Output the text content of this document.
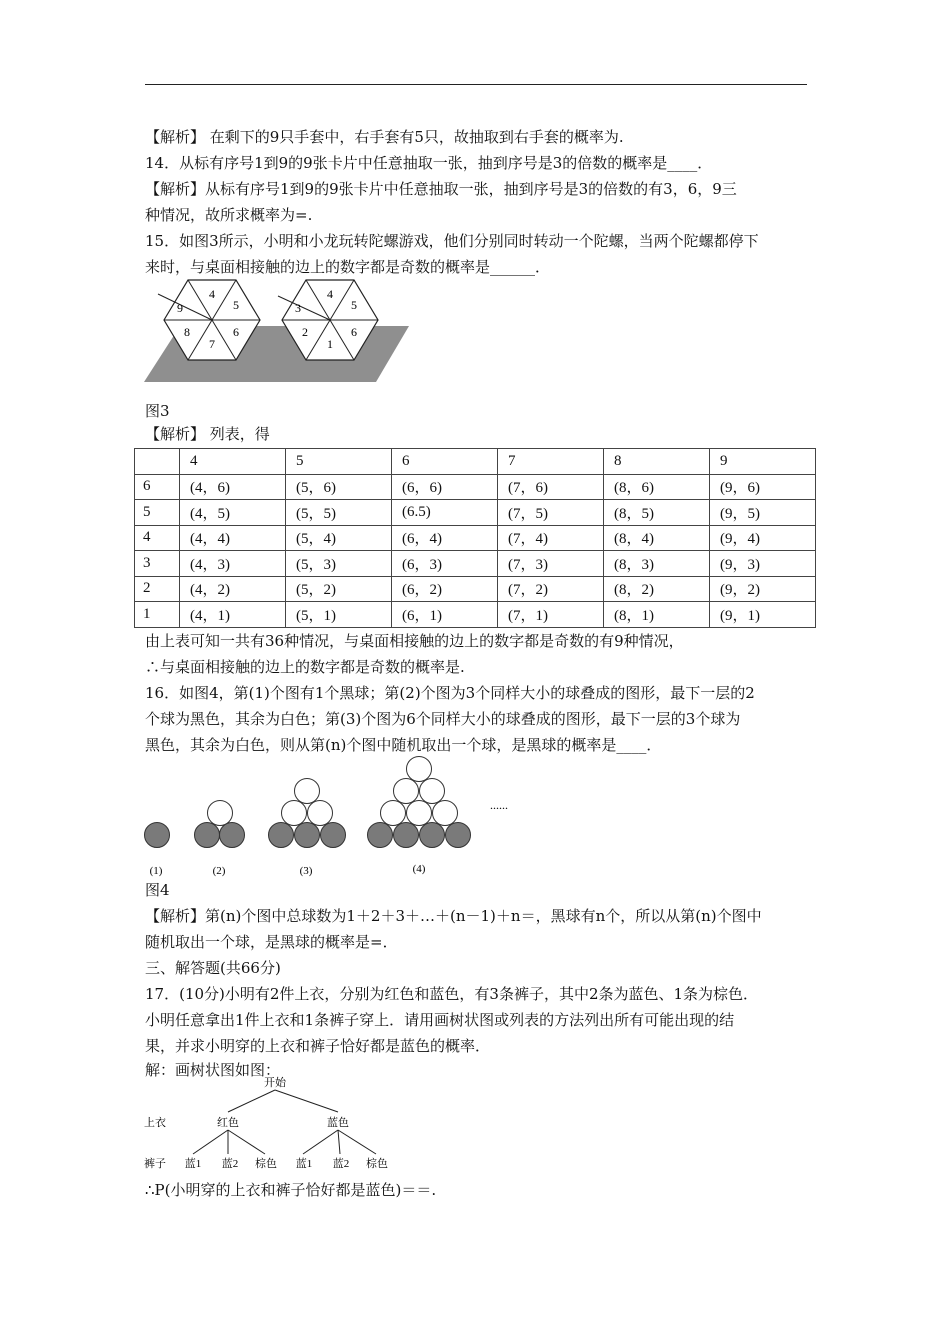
【解析】 在剩下的9只手套中，右手套有5只，故抽取到右手套的概率为.

14．从标有序号1到9的9张卡片中任意抽取一张，抽到序号是3的倍数的概率是____．

【解析】从标有序号1到9的9张卡片中任意抽取一张，抽到序号是3的倍数的有3，6，9三

种情况，故所求概率为=.

15．如图3所示，小明和小龙玩转陀螺游戏，他们分别同时转动一个陀螺，当两个陀螺都停下

来时，与桌面相接触的边上的数字都是奇数的概率是______．

4
5
6
7
8
9
4
5
6
1
2
3

图3

【解析】 列表，得

	4	5	6	7	8	9
6	(4，6)	(5，6)	(6，6)	(7，6)	(8，6)	(9，6)
5	(4，5)	(5，5)	(6.5)	(7，5)	(8，5)	(9，5)
4	(4，4)	(5，4)	(6，4)	(7，4)	(8，4)	(9，4)
3	(4，3)	(5，3)	(6，3)	(7，3)	(8，3)	(9，3)
2	(4，2)	(5，2)	(6，2)	(7，2)	(8，2)	(9，2)
1	(4，1)	(5，1)	(6，1)	(7，1)	(8，1)	(9，1)

由上表可知一共有36种情况，与桌面相接触的边上的数字都是奇数的有9种情况，

∴与桌面相接触的边上的数字都是奇数的概率是.

16．如图4，第(1)个图有1个黑球；第(2)个图为3个同样大小的球叠成的图形，最下一层的2

个球为黑色，其余为白色；第(3)个图为6个同样大小的球叠成的图形，最下一层的3个球为

黑色，其余为白色，则从第(n)个图中随机取出一个球，是黑球的概率是____．

......
(1)	(2)	(3)	(4)

图4

【解析】第(n)个图中总球数为1＋2＋3＋…＋(n－1)＋n＝，黑球有n个，所以从第(n)个图中

随机取出一个球，是黑球的概率是=．

三、解答题(共66分)

17．(10分)小明有2件上衣，分别为红色和蓝色，有3条裤子，其中2条为蓝色、1条为棕色．

小明任意拿出1件上衣和1条裤子穿上．请用画树状图或列表的方法列出所有可能出现的结

果，并求小明穿的上衣和裤子恰好都是蓝色的概率．

解：画树状图如图：

开始
上衣	红色	蓝色
裤子 蓝1 蓝2 棕色 蓝1 蓝2 棕色

∴P(小明穿的上衣和裤子恰好都是蓝色)＝＝.
